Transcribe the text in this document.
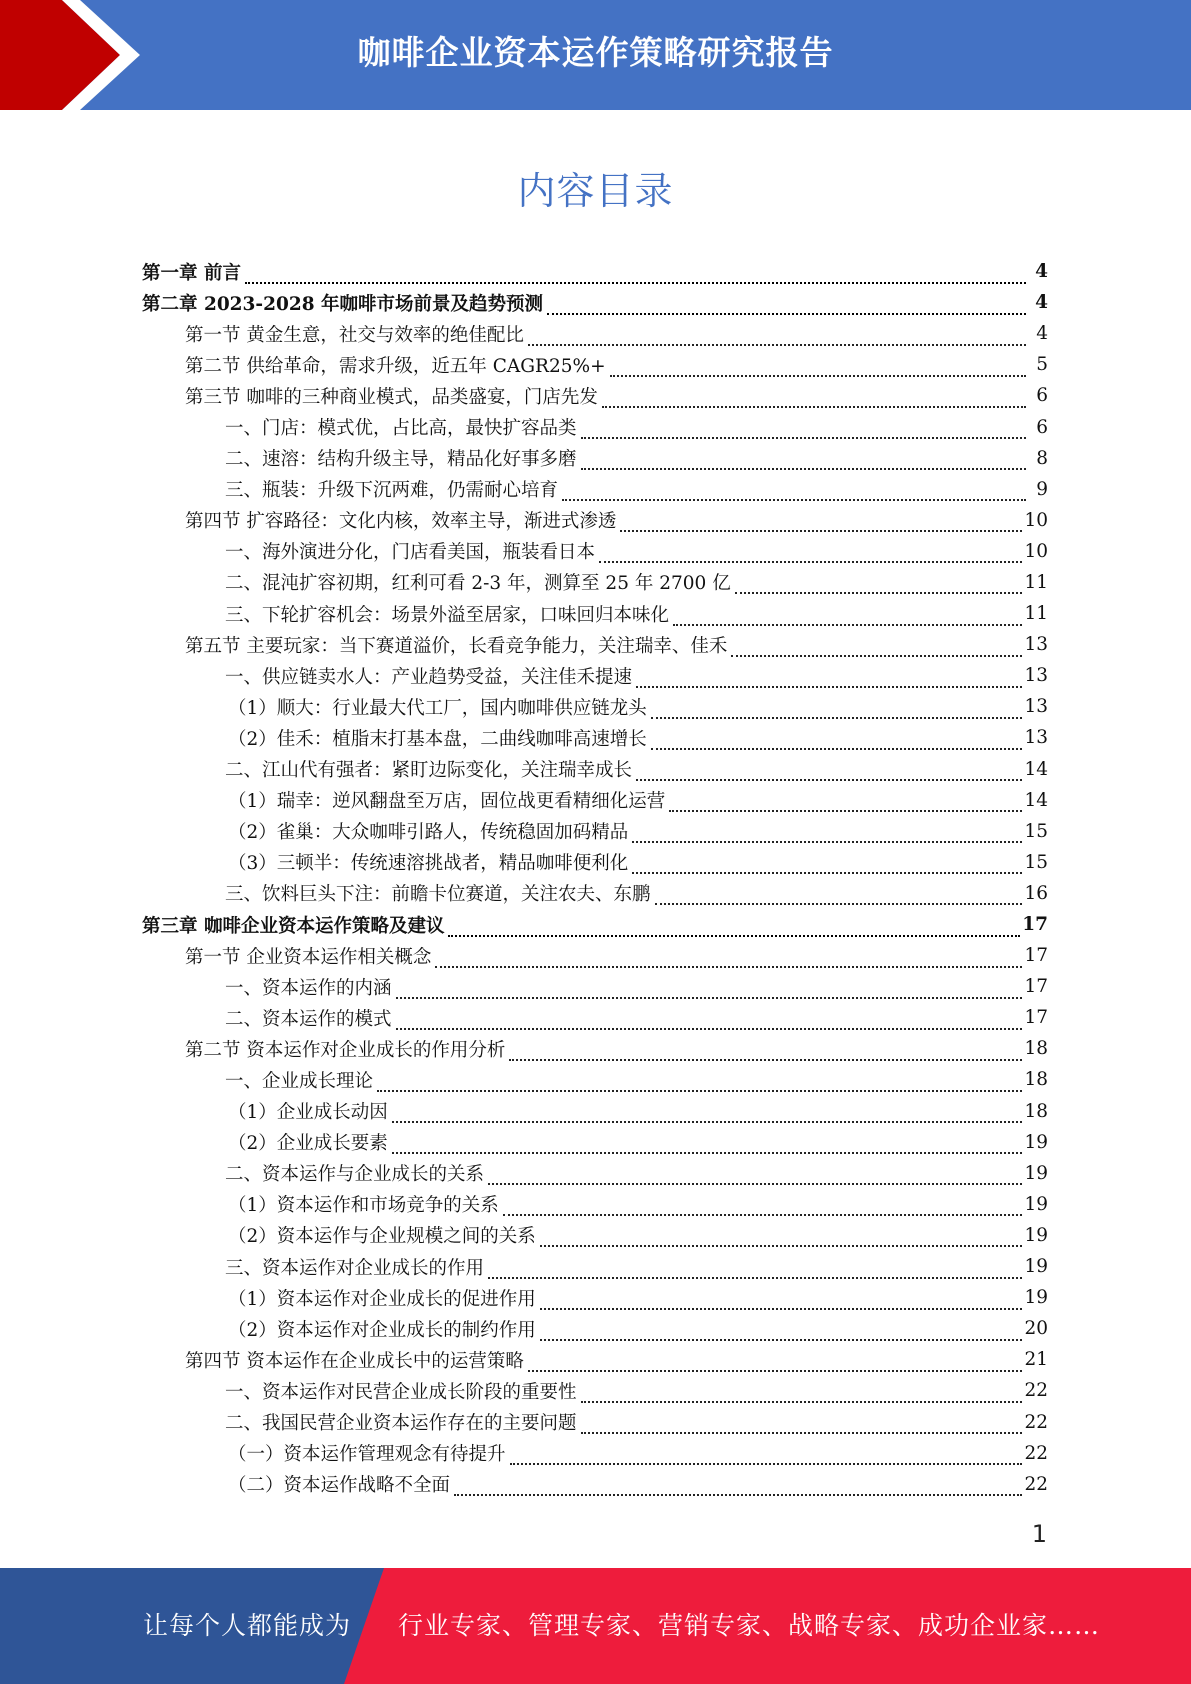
咖啡企业资本运作策略研究报告
内容目录
第一章 前言	4
第二章 2023-2028 年咖啡市场前景及趋势预测	4
第一节 黄金生意，社交与效率的绝佳配比	4
第二节 供给革命，需求升级，近五年 CAGR25%+	5
第三节 咖啡的三种商业模式，品类盛宴，门店先发	6
一、门店：模式优，占比高，最快扩容品类	6
二、速溶：结构升级主导，精品化好事多磨	8
三、瓶装：升级下沉两难，仍需耐心培育	9
第四节 扩容路径：文化内核，效率主导，渐进式渗透	10
一、海外演进分化，门店看美国，瓶装看日本	10
二、混沌扩容初期，红利可看 2-3 年，测算至 25 年 2700 亿	11
三、下轮扩容机会：场景外溢至居家，口味回归本味化	11
第五节 主要玩家：当下赛道溢价，长看竞争能力，关注瑞幸、佳禾	13
一、供应链卖水人：产业趋势受益，关注佳禾提速	13
（1）顺大：行业最大代工厂，国内咖啡供应链龙头	13
（2）佳禾：植脂末打基本盘，二曲线咖啡高速增长	13
二、江山代有强者：紧盯边际变化，关注瑞幸成长	14
（1）瑞幸：逆风翻盘至万店，固位战更看精细化运营	14
（2）雀巢：大众咖啡引路人，传统稳固加码精品	15
（3）三顿半：传统速溶挑战者，精品咖啡便利化	15
三、饮料巨头下注：前瞻卡位赛道，关注农夫、东鹏	16
第三章 咖啡企业资本运作策略及建议	17
第一节 企业资本运作相关概念	17
一、资本运作的内涵	17
二、资本运作的模式	17
第二节 资本运作对企业成长的作用分析	18
一、企业成长理论	18
（1）企业成长动因	18
（2）企业成长要素	19
二、资本运作与企业成长的关系	19
（1）资本运作和市场竞争的关系	19
（2）资本运作与企业规模之间的关系	19
三、资本运作对企业成长的作用	19
（1）资本运作对企业成长的促进作用	19
（2）资本运作对企业成长的制约作用	20
第四节 资本运作在企业成长中的运营策略	21
一、资本运作对民营企业成长阶段的重要性	22
二、我国民营企业资本运作存在的主要问题	22
（一）资本运作管理观念有待提升	22
（二）资本运作战略不全面	22
1
让每个人都能成为 行业专家、管理专家、营销专家、战略专家、成功企业家……
